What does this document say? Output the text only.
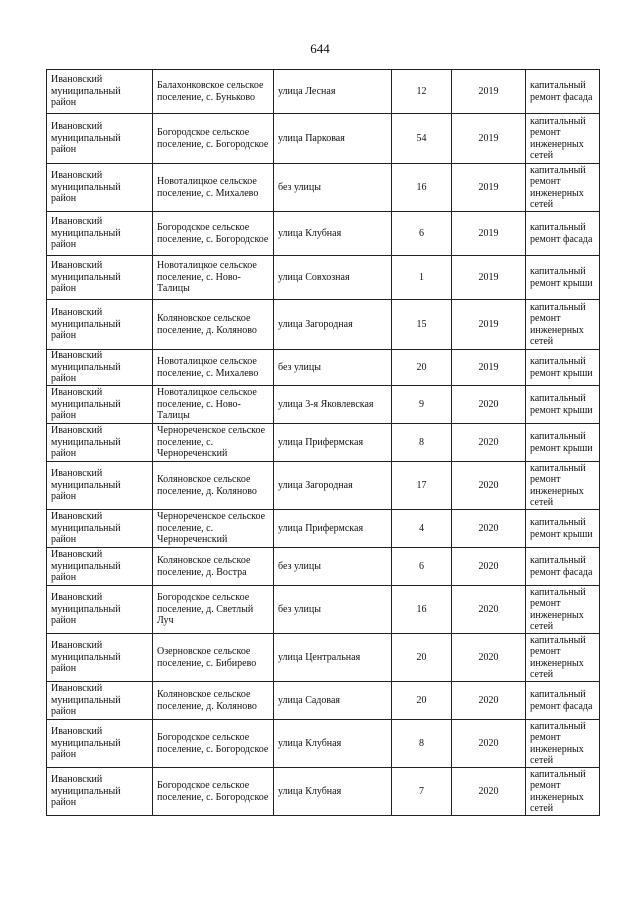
644
Ивановский муниципальный район	Балахонковское сельское поселение, с. Буньково	улица Лесная	12	2019	капитальный ремонт фасада
Ивановский муниципальный район	Богородское сельское поселение, с. Богородское	улица Парковая	54	2019	капитальный ремонт инженерных сетей
Ивановский муниципальный район	Новоталицкое сельское поселение, с. Михалево	без улицы	16	2019	капитальный ремонт инженерных сетей
Ивановский муниципальный район	Богородское сельское поселение, с. Богородское	улица Клубная	6	2019	капитальный ремонт фасада
Ивановский муниципальный район	Новоталицкое сельское поселение, с. Ново-Талицы	улица Совхозная	1	2019	капитальный ремонт крыши
Ивановский муниципальный район	Коляновское сельское поселение, д. Коляново	улица Загородная	15	2019	капитальный ремонт инженерных сетей
Ивановский муниципальный район	Новоталицкое сельское поселение, с. Михалево	без улицы	20	2019	капитальный ремонт крыши
Ивановский муниципальный район	Новоталицкое сельское поселение, с. Ново-Талицы	улица 3-я Яковлевская	9	2020	капитальный ремонт крыши
Ивановский муниципальный район	Чернореченское сельское поселение, с. Чернореченский	улица Прифермская	8	2020	капитальный ремонт крыши
Ивановский муниципальный район	Коляновское сельское поселение, д. Коляново	улица Загородная	17	2020	капитальный ремонт инженерных сетей
Ивановский муниципальный район	Чернореченское сельское поселение, с. Чернореченский	улица Прифермская	4	2020	капитальный ремонт крыши
Ивановский муниципальный район	Коляновское сельское поселение, д. Востра	без улицы	6	2020	капитальный ремонт фасада
Ивановский муниципальный район	Богородское сельское поселение, д. Светлый Луч	без улицы	16	2020	капитальный ремонт инженерных сетей
Ивановский муниципальный район	Озерновское сельское поселение, с. Бибирево	улица Центральная	20	2020	капитальный ремонт инженерных сетей
Ивановский муниципальный район	Коляновское сельское поселение, д. Коляново	улица Садовая	20	2020	капитальный ремонт фасада
Ивановский муниципальный район	Богородское сельское поселение, с. Богородское	улица Клубная	8	2020	капитальный ремонт инженерных сетей
Ивановский муниципальный район	Богородское сельское поселение, с. Богородское	улица Клубная	7	2020	капитальный ремонт инженерных сетей
